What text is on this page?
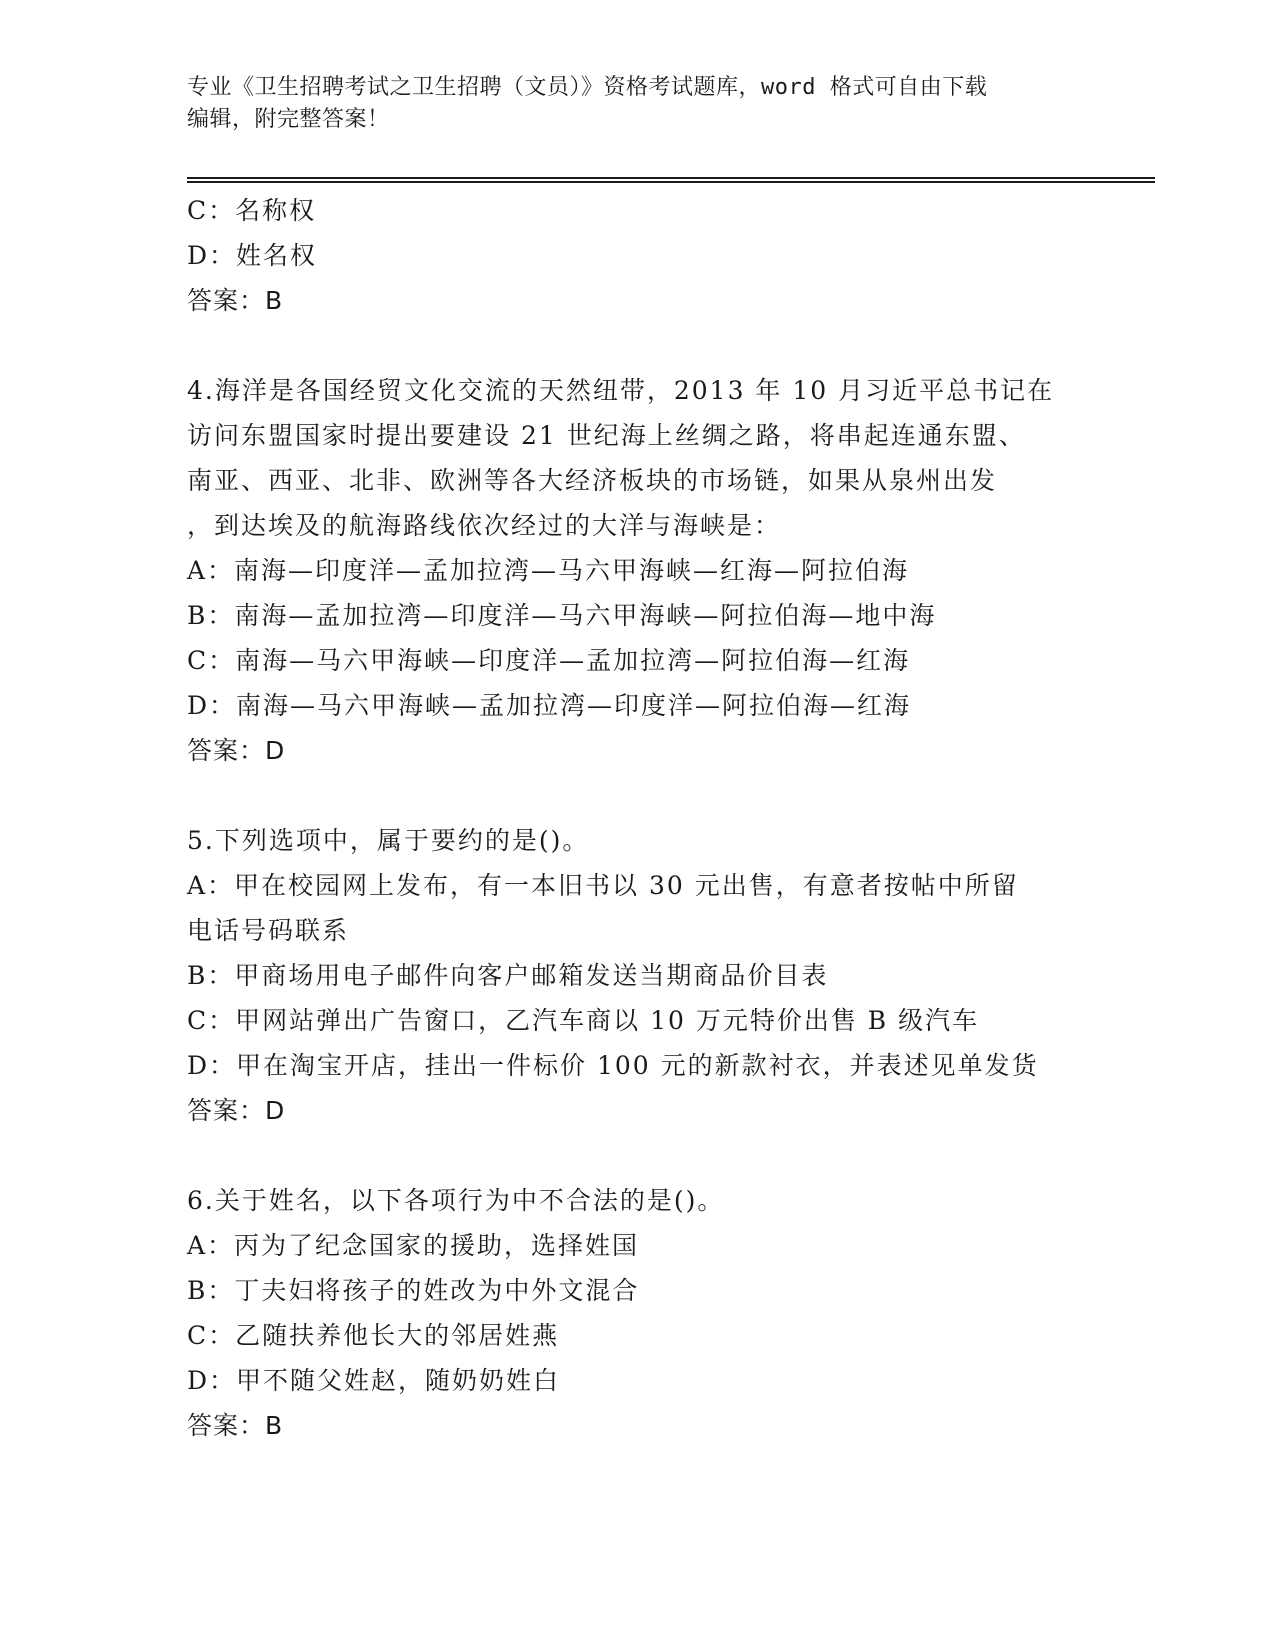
专业《卫生招聘考试之卫生招聘（文员）》资格考试题库，word 格式可自由下载
编辑，附完整答案！
C：名称权
D：姓名权
答案：B
4.海洋是各国经贸文化交流的天然纽带，2013 年 10 月习近平总书记在
访问东盟国家时提出要建设 21 世纪海上丝绸之路，将串起连通东盟、
南亚、西亚、北非、欧洲等各大经济板块的市场链，如果从泉州出发
，到达埃及的航海路线依次经过的大洋与海峡是：
A：南海—印度洋—孟加拉湾—马六甲海峡—红海—阿拉伯海
B：南海—孟加拉湾—印度洋—马六甲海峡—阿拉伯海—地中海
C：南海—马六甲海峡—印度洋—孟加拉湾—阿拉伯海—红海
D：南海—马六甲海峡—孟加拉湾—印度洋—阿拉伯海—红海
答案：D
5.下列选项中，属于要约的是()。
A：甲在校园网上发布，有一本旧书以 30 元出售，有意者按帖中所留
电话号码联系
B：甲商场用电子邮件向客户邮箱发送当期商品价目表
C：甲网站弹出广告窗口，乙汽车商以 10 万元特价出售 B 级汽车
D：甲在淘宝开店，挂出一件标价 100 元的新款衬衣，并表述见单发货
答案：D
6.关于姓名，以下各项行为中不合法的是()。
A：丙为了纪念国家的援助，选择姓国
B：丁夫妇将孩子的姓改为中外文混合
C：乙随扶养他长大的邻居姓燕
D：甲不随父姓赵，随奶奶姓白
答案：B
